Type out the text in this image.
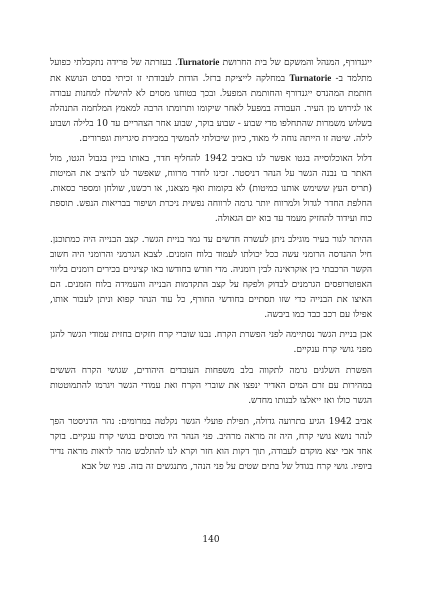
ייגנדורף, המנהל והמשקם של בית החרושת Turnatorie. בעזרתה של פרידה נתקבלתי כפועל מתלמד ב- Turnatorie במחלקה לייציקת ברזל. הודות לעבודתי זו זכיתי בסרט הנושא את חותמת המהנדס ייגנדורף והחותמת המפעל. ובכך בטוחנו מסוים לא להישלח למחנות עבודה או לגירוש מן העיר. העבודה במפעל לאחר שיקומו ותרומתו הרבה למאמץ המלחמה התנהלה בשלוש משמרות שהתחלפו מדי שבוע - שבוע בוקר, שבוע אחר הצהריים עד 10 בלילה ושבוע לילה. שיטה זו הייתה נוחה לי מאוד, כיוון שיכולתי להמשיך במכירת סיגריות וגפרורים.

דלול האוכלוסייה בגטו אפשר לנו באביב 1942 להחליף חדר, באותו בניין בגבול הגטו, מול האתר בו נבנה הגשר על הנהר דניסטר. זכינו לחדר מרווח, שאפשר לנו להציב את המיטות (תריס העץ ששימש אותנו כמיטות) לא בקומות ואף מצאנו, או רכשנו, שולחן ומספר כסאות. החלפת החדר לגדול ולמרווח יותר גרמה לרווחה נפשית ניכרת ושיפור בבריאות הנפש. תוספת כוח ועידוד להחזיק מעמד עד בוא יום הגאולה.

ההיתר לגור בעיר מוגילב ניתן לעשרה חדשים עד גמר בניית הגשר. קצב הבנייה היה כמתוכנן. חיל ההנדסה הרומני עשה ככל יכולתו לעמוד בלוח הזמנים. לצבא הגרמני והרומני היה חשוב הקשר הרכבתי בין אוקראינה לבין רומניה. מדי חודש בחודשו באו קציניים בכירים רומנים בליווי האפוטרופסים הגרמנים לבדוק ולפקח על קצב התקדמות הבנייה והעמידה בלוח הזמנים. הם האיצו את הבנייה כדי שזו תסתיים בחודשי החורף, כל עוד הנהר קפוא וניתן לעבור אותו, אפילו עם רכב כבד כמו ביבשה.

אכן בניית הגשר נסתיימה לפני הפשרת הקרח. נבנו שוברי קרח חזקים בחזית עמודי הגשר להגן מפני גושי קרח ענקיים.

הפשרת השלגים גרמה לתקווה בלב משפחות העובדים היהודים, שגושי הקרח הששים במהירות עם זרם המים האדיר ינפצו את שוברי הקרח ואת עמודי הגשר ויגרמו להתמוטטות הגשר כולו ואז ייאלצו לבנותו מחדש.

אביב 1942 הגיע בתרועה גדולה, תפילת פועלי הגשר נקלטה במרומים: נהר הדניסטר הפך לנהר נושא גושי קרח, היה זה מראה מרהיב. פני הנהר היו מכוסים בגושי קרח ענקיים. בוקר אחד אבי יצא מוקדם לעבודה, תוך דקות הוא חזר וקרא לנו להתלבש מהר לראות מראה נדיר ביופיו. גושי קרח בגודל של בתים שטים על פני הנהר, מתנגשים זה בזה. פניו של אבא

140
